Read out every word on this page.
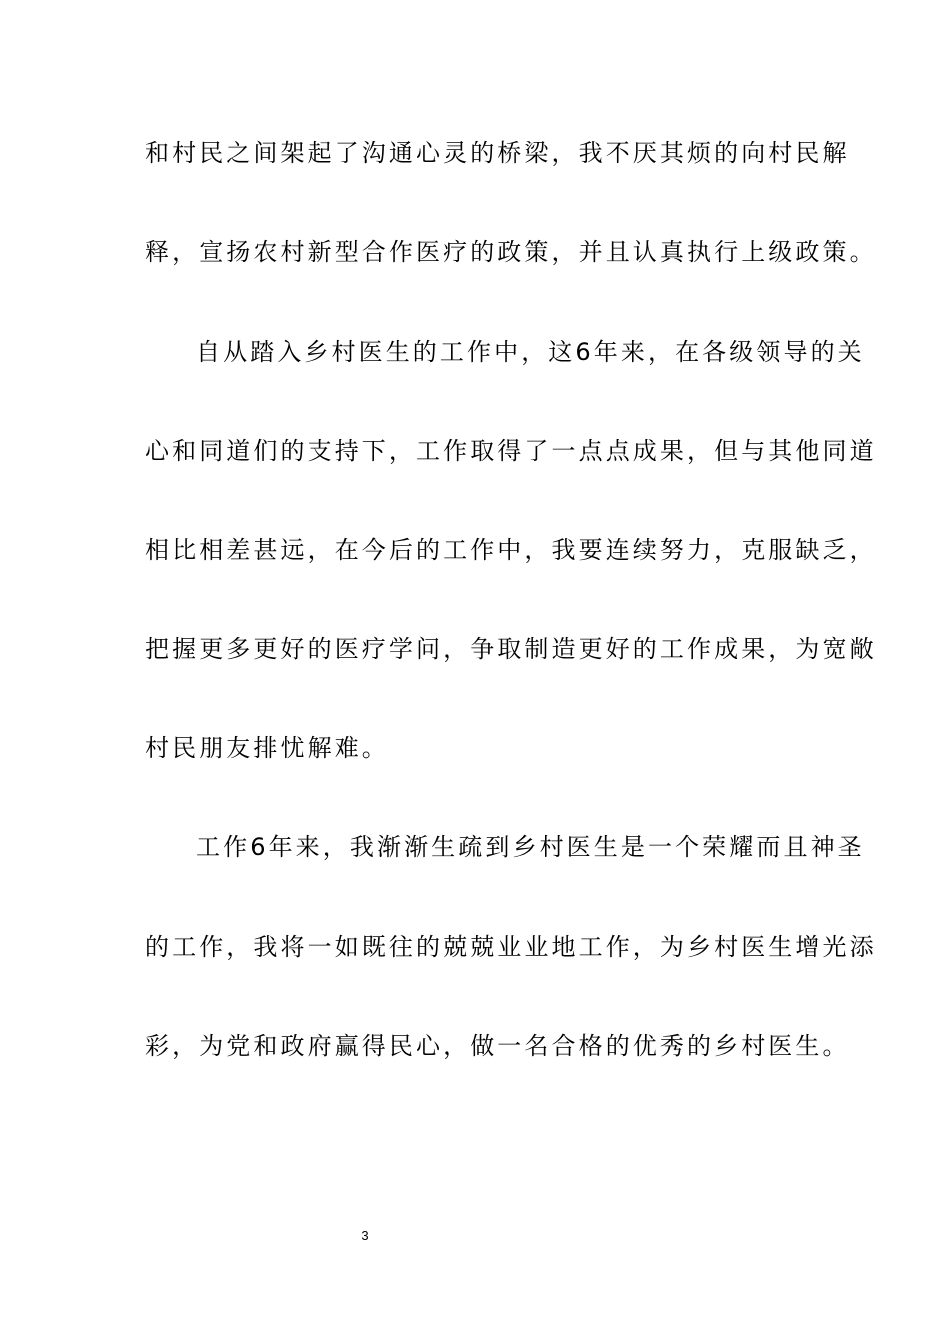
和村民之间架起了沟通心灵的桥梁，我不厌其烦的向村民解
释，宣扬农村新型合作医疗的政策，并且认真执行上级政策。
自从踏入乡村医生的工作中，这6年来，在各级领导的关
心和同道们的支持下，工作取得了一点点成果，但与其他同道
相比相差甚远，在今后的工作中，我要连续努力，克服缺乏，
把握更多更好的医疗学问，争取制造更好的工作成果，为宽敞
村民朋友排忧解难。
工作6年来，我渐渐生疏到乡村医生是一个荣耀而且神圣
的工作，我将一如既往的兢兢业业地工作，为乡村医生增光添
彩，为党和政府赢得民心，做一名合格的优秀的乡村医生。
3
